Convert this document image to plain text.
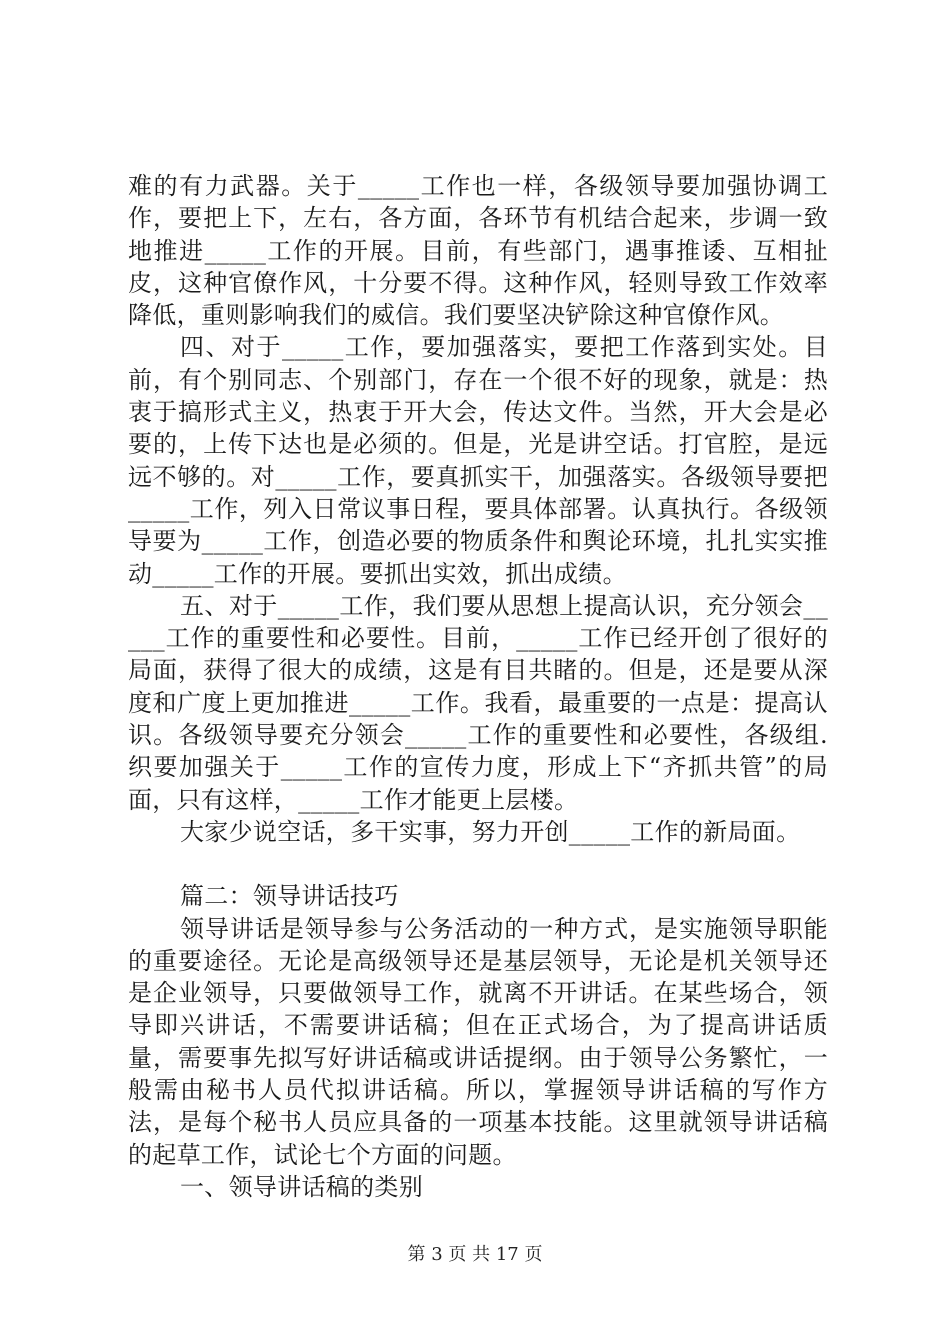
难的有力武器。关于_____工作也一样，各级领导要加强协调工作，要把上下，左右，各方面，各环节有机结合起来，步调一致地推进_____工作的开展。目前，有些部门，遇事推诿、互相扯皮，这种官僚作风，十分要不得。这种作风，轻则导致工作效率降低，重则影响我们的威信。我们要坚决铲除这种官僚作风。

四、对于_____工作，要加强落实，要把工作落到实处。目前，有个别同志、个别部门，存在一个很不好的现象，就是：热衷于搞形式主义，热衷于开大会，传达文件。当然，开大会是必要的，上传下达也是必须的。但是，光是讲空话。打官腔，是远远不够的。对_____工作，要真抓实干，加强落实。各级领导要把_____工作，列入日常议事日程，要具体部署。认真执行。各级领导要为_____工作，创造必要的物质条件和舆论环境，扎扎实实推动_____工作的开展。要抓出实效，抓出成绩。

五、对于_____工作，我们要从思想上提高认识，充分领会_____工作的重要性和必要性。目前，_____工作已经开创了很好的局面，获得了很大的成绩，这是有目共睹的。但是，还是要从深度和广度上更加推进_____工作。我看，最重要的一点是：提高认识。各级领导要充分领会_____工作的重要性和必要性，各级组.织要加强关于_____工作的宣传力度，形成上下“齐抓共管”的局面，只有这样，_____工作才能更上层楼。

大家少说空话，多干实事，努力开创_____工作的新局面。

篇二：领导讲话技巧

领导讲话是领导参与公务活动的一种方式，是实施领导职能的重要途径。无论是高级领导还是基层领导，无论是机关领导还是企业领导，只要做领导工作，就离不开讲话。在某些场合，领导即兴讲话，不需要讲话稿；但在正式场合，为了提高讲话质量，需要事先拟写好讲话稿或讲话提纲。由于领导公务繁忙，一般需由秘书人员代拟讲话稿。所以，掌握领导讲话稿的写作方法，是每个秘书人员应具备的一项基本技能。这里就领导讲话稿的起草工作，试论七个方面的问题。

一、领导讲话稿的类别

第 3 页 共 17 页
